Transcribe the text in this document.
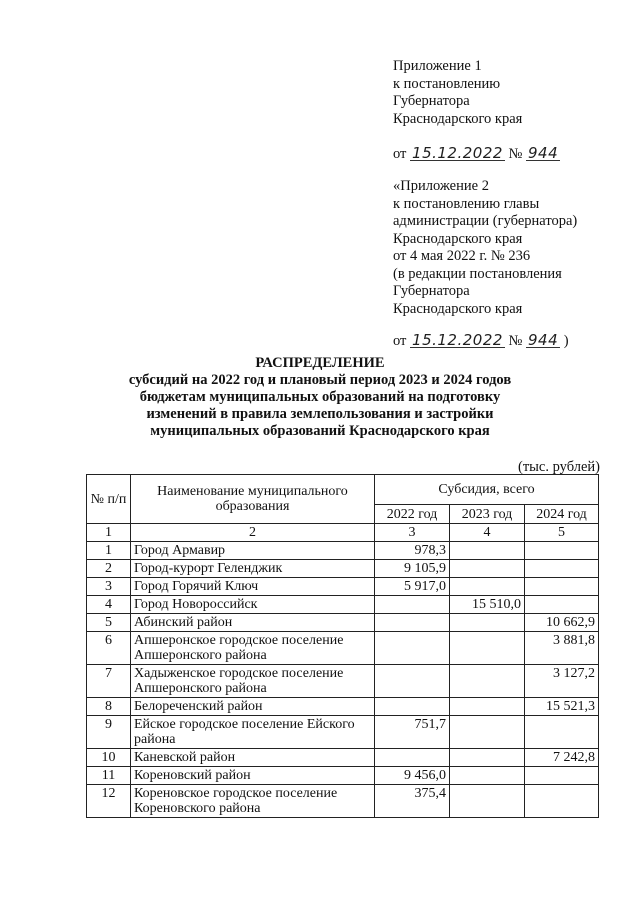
Приложение 1
к постановлению
Губернатора
Краснодарского края
от 15.12.2022 № 944
«Приложение 2
к постановлению главы
администрации (губернатора)
Краснодарского края
от 4 мая 2022 г. № 236
(в редакции постановления
Губернатора
Краснодарского края
от 15.12.2022 № 944 )
РАСПРЕДЕЛЕНИЕ
субсидий на 2022 год и плановый период 2023 и 2024 годов
бюджетам муниципальных образований на подготовку
изменений в правила землепользования и застройки
муниципальных образований Краснодарского края
(тыс. рублей)
№ п/п	Наименование муниципального образования	Субсидия, всего		
		2022 год	2023 год	2024 год
1	2	3	4	5
1	Город Армавир	978,3		
2	Город-курорт Геленджик	9 105,9		
3	Город Горячий Ключ	5 917,0		
4	Город Новороссийск		15 510,0	
5	Абинский район			10 662,9
6	Апшеронское городское поселение Апшеронского района			3 881,8
7	Хадыженское городское поселение Апшеронского района			3 127,2
8	Белореченский район			15 521,3
9	Ейское городское поселение Ейского района	751,7		
10	Каневской район			7 242,8
11	Кореновский район	9 456,0		
12	Кореновское городское поселение Кореновского района	375,4		
